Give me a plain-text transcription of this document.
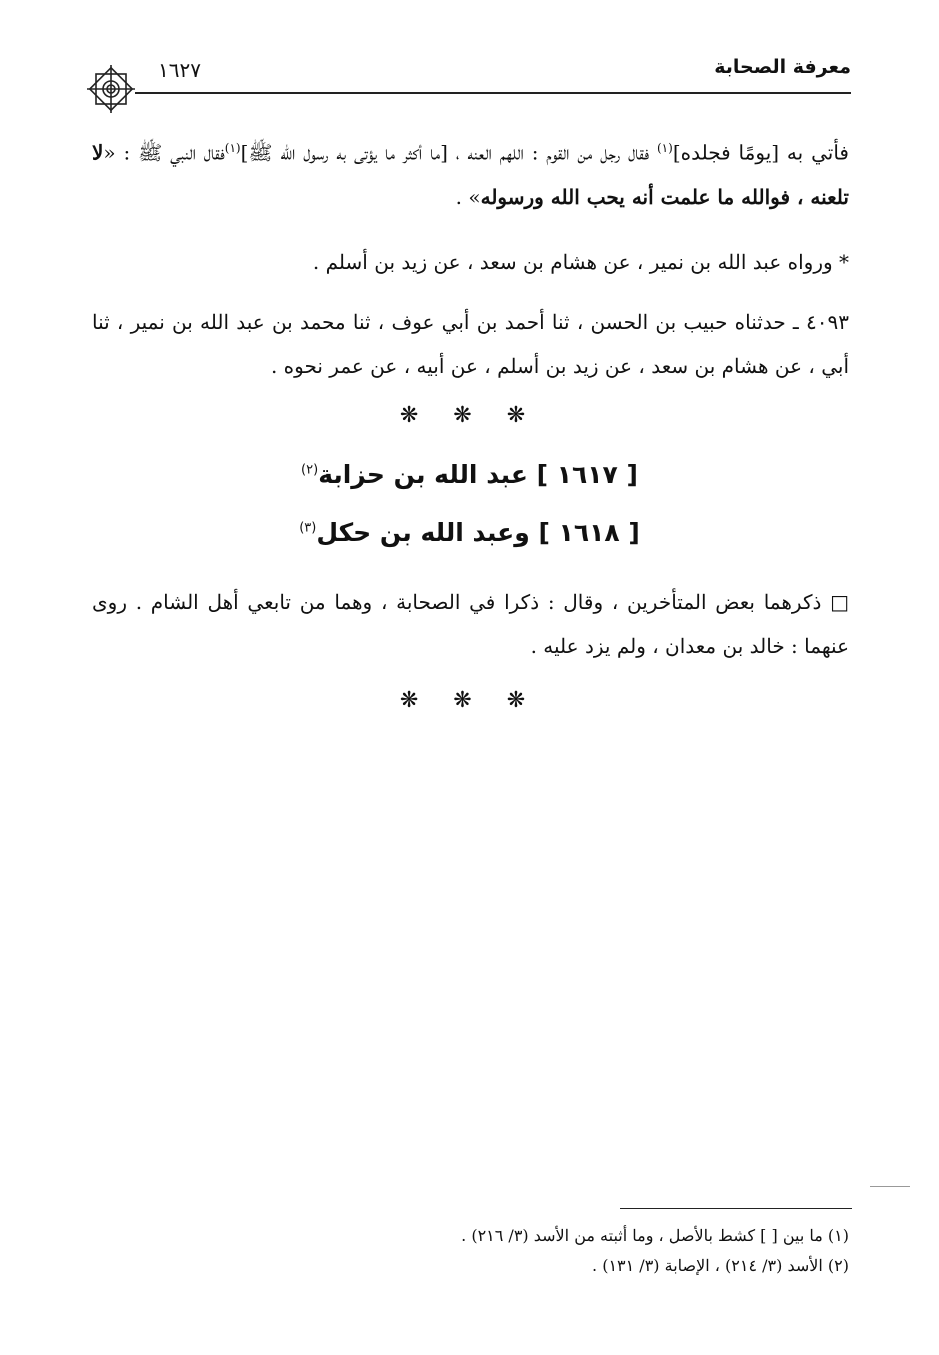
معرفة الصحابة
١٦٢٧
فأتي به [يومًا فجلده]$^{(١)}$ فقال رجل من القوم : اللهم العنه ، [ما أكثر ما يؤتى به رسول الله ﷺ]$^{(١)}$فقال النبي ﷺ : «لا تلعنه ، فوالله ما علمت أنه يحب الله ورسوله» .
* ورواه عبد الله بن نمير ، عن هشام بن سعد ، عن زيد بن أسلم .
٤٠٩٣ ـ حدثناه حبيب بن الحسن ، ثنا أحمد بن أبي عوف ، ثنا محمد بن عبد الله بن نمير ، ثنا أبي ، عن هشام بن سعد ، عن زيد بن أسلم ، عن أبيه ، عن عمر نحوه .
❋ ❋ ❋
[ ١٦١٧ ] عبد الله بن حزابة$^{(٢)}$
[ ١٦١٨ ] وعبد الله بن حكل$^{(٣)}$
□ ذكرهما بعض المتأخرين ، وقال : ذكرا في الصحابة ، وهما من تابعي أهل الشام . روى عنهما : خالد بن معدان ، ولم يزد عليه .
❋ ❋ ❋
(١) ما بين [ ] كشط بالأصل ، وما أثبته من الأسد (٣/ ٢١٦) .
(٢) الأسد (٣/ ٢١٤) ، الإصابة (٣/ ١٣١) .
